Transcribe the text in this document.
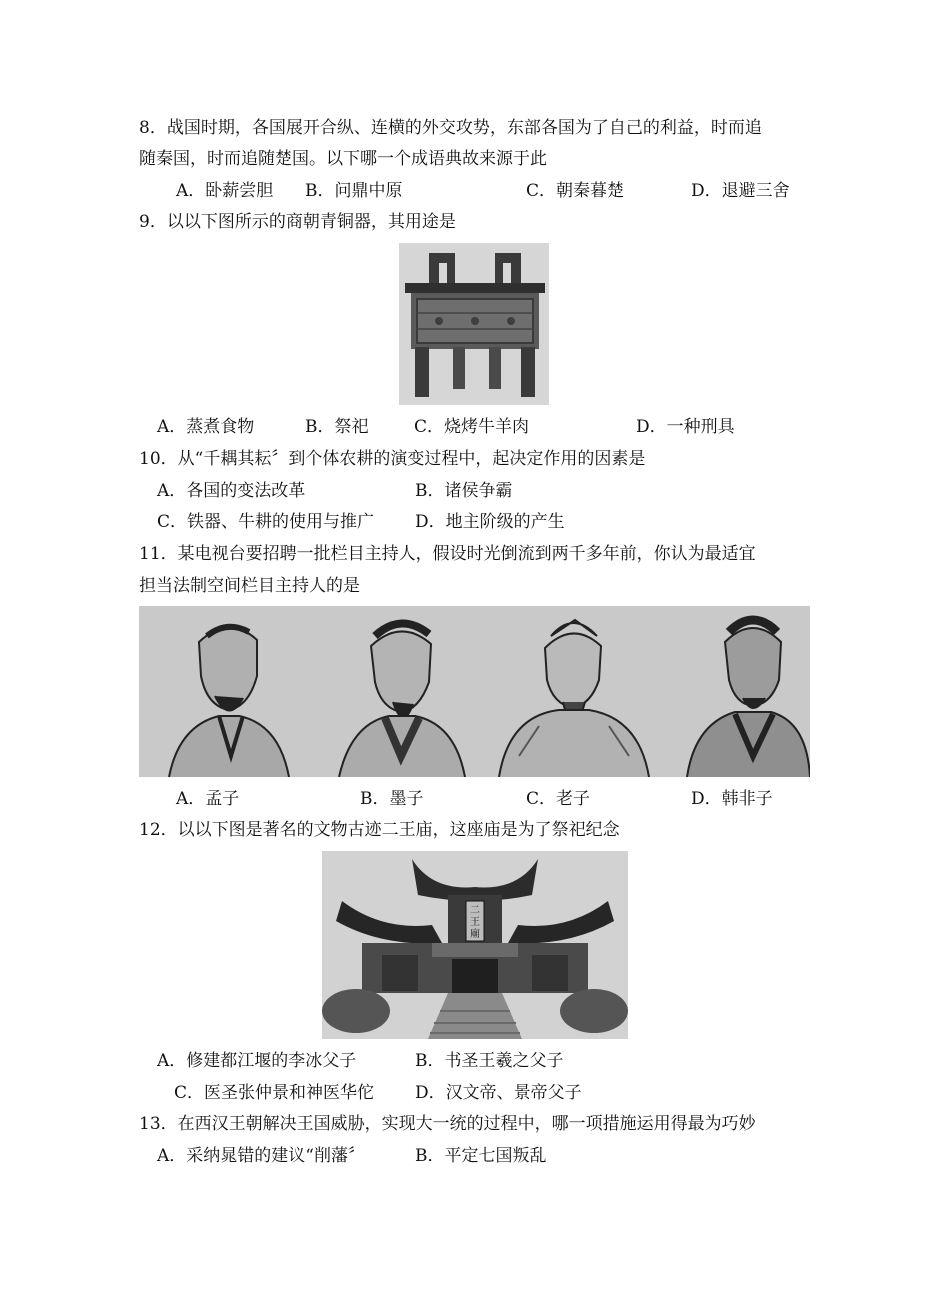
8．战国时期，各国展开合纵、连横的外交攻势，东部各国为了自己的利益，时而追
随秦国，时而追随楚国。以下哪一个成语典故来源于此
A．卧薪尝胆 B．问鼎中原	C．朝秦暮楚	D．退避三舍
9．以以下图所示的商朝青铜器，其用途是
A．蒸煮食物	B．祭祀	C．烧烤牛羊肉	D．一种刑具
10．从“千耦其耘〞到个体农耕的演变过程中，起决定作用的因素是
A．各国的变法改革	B．诸侯争霸
C．铁器、牛耕的使用与推广 D．地主阶级的产生
11．某电视台要招聘一批栏目主持人，假设时光倒流到两千多年前，你认为最适宜
担当法制空间栏目主持人的是
A．孟子	B．墨子	C．老子	D．韩非子
12．以以下图是著名的文物古迹二王庙，这座庙是为了祭祀纪念
二
王
廟
A．修建都江堰的李冰父子	B．书圣王羲之父子
C．医圣张仲景和神医华佗 D．汉文帝、景帝父子
13．在西汉王朝解决王国威胁，实现大一统的过程中，哪一项措施运用得最为巧妙
A．采纳晁错的建议“削藩〞	B．平定七国叛乱
